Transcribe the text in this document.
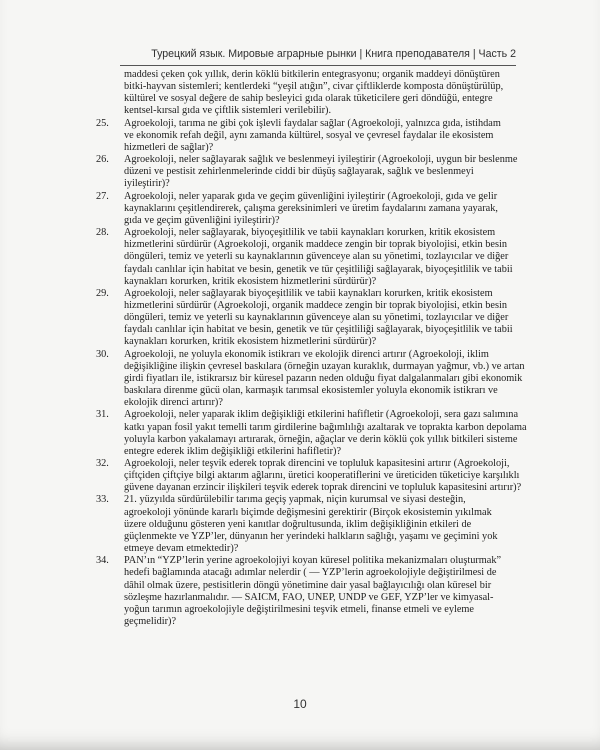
Турецкий язык. Мировые аграрные рынки | Книга преподавателя | Часть 2

maddesi çeken çok yıllık, derin köklü bitkilerin entegrasyonu; organik maddeyi dönüştüren

bitki-hayvan sistemleri; kentlerdeki “yeşil atığın”, civar çiftliklerde komposta dönüştürülüp,

kültürel ve sosyal değere de sahip besleyici gıda olarak tüketicilere geri döndüğü, entegre

kentsel-kırsal gıda ve çiftlik sistemleri verilebilir).

25.	Agroekoloji, tarıma ne gibi çok işlevli faydalar sağlar (Agroekoloji, yalnızca gıda, istihdam

ve ekonomik refah değil, aynı zamanda kültürel, sosyal ve çevresel faydalar ile ekosistem

hizmetleri de sağlar)?

26.	Agroekoloji, neler sağlayarak sağlık ve beslenmeyi iyileştirir (Agroekoloji, uygun bir beslenme

düzeni ve pestisit zehirlenmelerinde ciddi bir düşüş sağlayarak, sağlık ve beslenmeyi

iyileştirir)?

27.	Agroekoloji, neler yaparak gıda ve geçim güvenliğini iyileştirir (Agroekoloji, gıda ve gelir

kaynaklarını çeşitlendirerek, çalışma gereksinimleri ve üretim faydalarını zamana yayarak,

gıda ve geçim güvenliğini iyileştirir)?

28.	Agroekoloji, neler sağlayarak, biyoçeşitlilik ve tabii kaynakları korurken, kritik ekosistem

hizmetlerini sürdürür (Agroekoloji, organik maddece zengin bir toprak biyolojisi, etkin besin

döngüleri, temiz ve yeterli su kaynaklarının güvenceye alan su yönetimi, tozlayıcılar ve diğer

faydalı canlılar için habitat ve besin, genetik ve tür çeşitliliği sağlayarak, biyoçeşitlilik ve tabii

kaynakları korurken, kritik ekosistem hizmetlerini sürdürür)?

29.	Agroekoloji, neler sağlayarak biyoçeşitlilik ve tabii kaynakları korurken, kritik ekosistem

hizmetlerini sürdürür (Agroekoloji, organik maddece zengin bir toprak biyolojisi, etkin besin

döngüleri, temiz ve yeterli su kaynaklarının güvenceye alan su yönetimi, tozlayıcılar ve diğer

faydalı canlılar için habitat ve besin, genetik ve tür çeşitliliği sağlayarak, biyoçeşitlilik ve tabii

kaynakları korurken, kritik ekosistem hizmetlerini sürdürür)?

30.	Agroekoloji, ne yoluyla ekonomik istikrarı ve ekolojik direnci artırır (Agroekoloji, iklim

değişikliğine ilişkin çevresel baskılara (örneğin uzayan kuraklık, durmayan yağmur, vb.) ve artan

girdi fiyatları ile, istikrarsız bir küresel pazarın neden olduğu fiyat dalgalanmaları gibi ekonomik

baskılara direnme gücü olan, karmaşık tarımsal ekosistemler yoluyla ekonomik istikrarı ve

ekolojik direnci artırır)?

31.	Agroekoloji, neler yaparak iklim değişikliği etkilerini hafifletir (Agroekoloji, sera gazı salımına

katkı yapan fosil yakıt temelli tarım girdilerine bağımlılığı azaltarak ve toprakta karbon depolama

yoluyla karbon yakalamayı artırarak, örneğin, ağaçlar ve derin köklü çok yıllık bitkileri sisteme

entegre ederek iklim değişikliği etkilerini hafifletir)?

32.	Agroekoloji, neler teşvik ederek toprak direncini ve topluluk kapasitesini artırır (Agroekoloji,

çiftçiden çiftçiye bilgi aktarım ağlarını, üretici kooperatiflerini ve üreticiden tüketiciye karşılıklı

güvene dayanan erzincir ilişkileri teşvik ederek toprak direncini ve topluluk kapasitesini artırır)?

33.	21. yüzyılda sürdürülebilir tarıma geçiş yapmak, niçin kurumsal ve siyasi desteğin,

agroekoloji yönünde kararlı biçimde değişmesini gerektirir (Birçok ekosistemin yıkılmak

üzere olduğunu gösteren yeni kanıtlar doğrultusunda, iklim değişikliğinin etkileri de

güçlenmekte ve YZP’ler, dünyanın her yerindeki halkların sağlığı, yaşamı ve geçimini yok

etmeye devam etmektedir)?

34.	PAN’ın “YZP’lerin yerine agroekolojiyi koyan küresel politika mekanizmaları oluşturmak”

hedefi bağlamında atacağı adımlar nelerdir ( — YZP’lerin agroekolojiyle değiştirilmesi de

dâhil olmak üzere, pestisitlerin döngü yönetimine dair yasal bağlayıcılığı olan küresel bir

sözleşme hazırlanmalıdır. — SAICM, FAO, UNEP, UNDP ve GEF, YZP’ler ve kimyasal-

yoğun tarımın agroekolojiyle değiştirilmesini teşvik etmeli, finanse etmeli ve eyleme

geçmelidir)?

10
